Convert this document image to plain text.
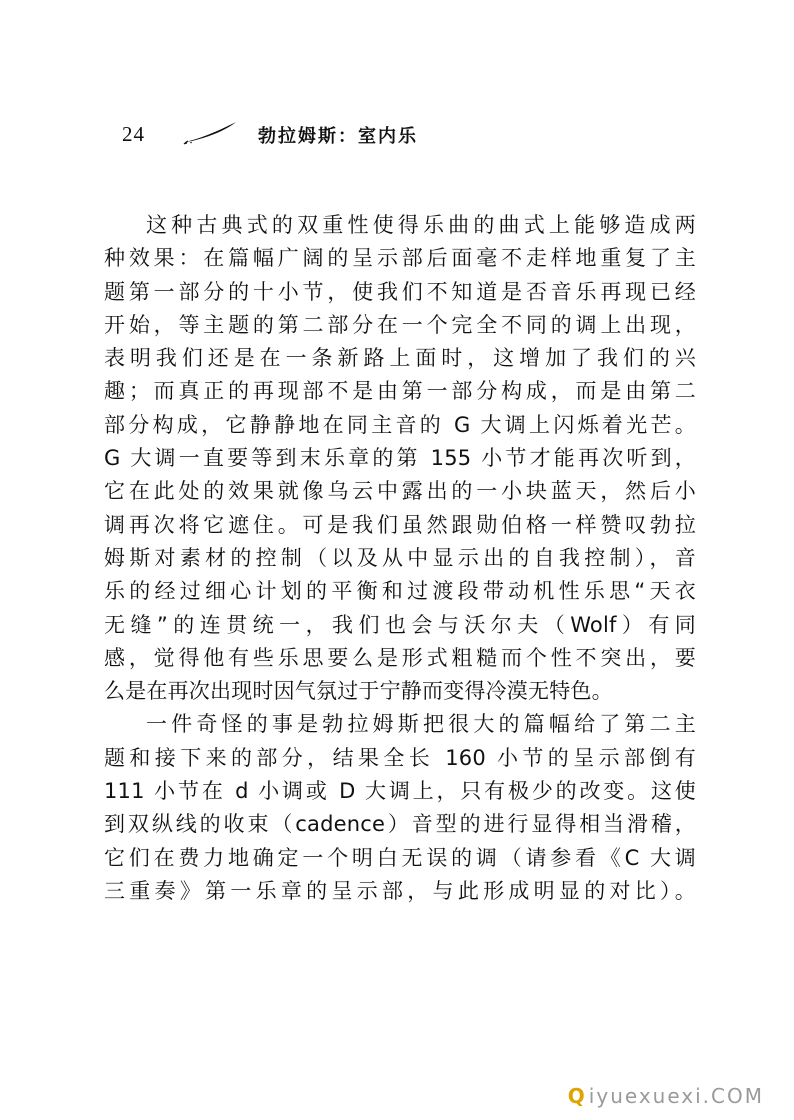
24	勃拉姆斯：室内乐

这种古典式的双重性使得乐曲的曲式上能够造成两
种效果：在篇幅广阔的呈示部后面毫不走样地重复了主
题第一部分的十小节，使我们不知道是否音乐再现已经
开始，等主题的第二部分在一个完全不同的调上出现，
表明我们还是在一条新路上面时，这增加了我们的兴
趣；而真正的再现部不是由第一部分构成，而是由第二
部分构成，它静静地在同主音的 G 大调上闪烁着光芒。
G 大调一直要等到末乐章的第 155 小节才能再次听到，
它在此处的效果就像乌云中露出的一小块蓝天，然后小
调再次将它遮住。可是我们虽然跟勋伯格一样赞叹勃拉
姆斯对素材的控制（以及从中显示出的自我控制），音
乐的经过细心计划的平衡和过渡段带动机性乐思“天衣
无缝”的连贯统一，我们也会与沃尔夫（Wolf）有同
感，觉得他有些乐思要么是形式粗糙而个性不突出，要
么是在再次出现时因气氛过于宁静而变得冷漠无特色。

一件奇怪的事是勃拉姆斯把很大的篇幅给了第二主
题和接下来的部分，结果全长 160 小节的呈示部倒有
111 小节在 d 小调或 D 大调上，只有极少的改变。这使
到双纵线的收束（cadence）音型的进行显得相当滑稽，
它们在费力地确定一个明白无误的调（请参看《C 大调
三重奏》第一乐章的呈示部，与此形成明显的对比）。

Q iyuexuexi.COM
